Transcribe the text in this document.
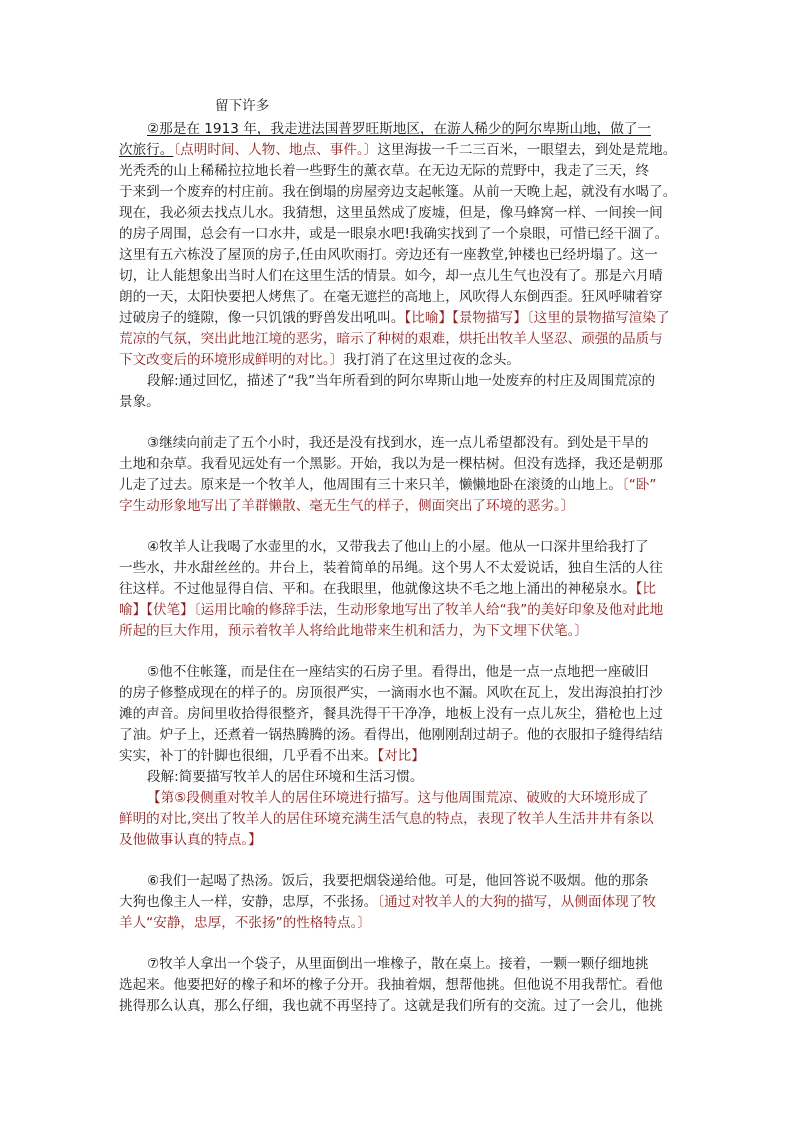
留下许多
②那是在 1913 年，我走进法国普罗旺斯地区，在游人稀少的阿尔卑斯山地，做了一
次旅行。〔点明时间、人物、地点、事件。〕这里海拔一千二三百米，一眼望去，到处是荒地。
光秃秃的山上稀稀拉拉地长着一些野生的薰衣草。在无边无际的荒野中，我走了三天，终
于来到一个废弃的村庄前。我在倒塌的房屋旁边支起帐篷。从前一天晚上起，就没有水喝了。
现在，我必须去找点儿水。我猜想，这里虽然成了废墟，但是，像马蜂窝一样、一间挨一间
的房子周围，总会有一口水井，或是一眼泉水吧!我确实找到了一个泉眼，可惜已经干涸了。
这里有五六栋没了屋顶的房子,任由风吹雨打。旁边还有一座教堂,钟楼也已经坍塌了。这一
切，让人能想象出当时人们在这里生活的情景。如今，却一点儿生气也没有了。那是六月晴
朗的一天，太阳快要把人烤焦了。在毫无遮拦的高地上，风吹得人东倒西歪。狂风呼啸着穿
过破房子的缝隙，像一只饥饿的野兽发出吼叫。【比喻】【景物描写】〔这里的景物描写渲染了
荒凉的气氛，突出此地江境的恶劣，暗示了种树的艰难，烘托出牧羊人坚忍、顽强的品质与
下文改变后的环境形成鲜明的对比。〕我打消了在这里过夜的念头。
段解:通过回忆，描述了“我”当年所看到的阿尔卑斯山地一处废弃的村庄及周围荒凉的
景象。
③继续向前走了五个小时，我还是没有找到水，连一点儿希望都没有。到处是干旱的
土地和杂草。我看见远处有一个黑影。开始，我以为是一棵枯树。但没有选择，我还是朝那
儿走了过去。原来是一个牧羊人，他周围有三十来只羊，懒懒地卧在滚烫的山地上。〔“卧”
字生动形象地写出了羊群懒散、毫无生气的样子，侧面突出了环境的恶劣。〕
④牧羊人让我喝了水壶里的水，又带我去了他山上的小屋。他从一口深井里给我打了
一些水，井水甜丝丝的。井台上，装着简单的吊绳。这个男人不太爱说话，独自生活的人往
往这样。不过他显得自信、平和。在我眼里，他就像这块不毛之地上涌出的神秘泉水。【比
喻】【伏笔】〔运用比喻的修辞手法，生动形象地写出了牧羊人给“我”的美好印象及他对此地
所起的巨大作用，预示着牧羊人将给此地带来生机和活力，为下文埋下伏笔。〕
⑤他不住帐篷，而是住在一座结实的石房子里。看得出，他是一点一点地把一座破旧
的房子修整成现在的样子的。房顶很严实，一滴雨水也不漏。风吹在瓦上，发出海浪拍打沙
滩的声音。房间里收拾得很整齐，餐具洗得干干净净，地板上没有一点儿灰尘，猎枪也上过
了油。炉子上，还煮着一锅热腾腾的汤。看得出，他刚刚刮过胡子。他的衣服扣子缝得结结
实实，补丁的针脚也很细，几乎看不出来。【对比】
段解:简要描写牧羊人的居住环境和生活习惯。
【第⑤段侧重对牧羊人的居住环境进行描写。这与他周围荒凉、破败的大环境形成了
鲜明的对比,突出了牧羊人的居住环境充满生活气息的特点，表现了牧羊人生活井井有条以
及他做事认真的特点。】
⑥我们一起喝了热汤。饭后，我要把烟袋递给他。可是，他回答说不吸烟。他的那条
大狗也像主人一样，安静，忠厚，不张扬。〔通过对牧羊人的大狗的描写，从侧面体现了牧
羊人“安静，忠厚，不张扬”的性格特点。〕
⑦牧羊人拿出一个袋子，从里面倒出一堆橡子，散在桌上。接着，一颗一颗仔细地挑
选起来。他要把好的橡子和坏的橡子分开。我抽着烟，想帮他挑。但他说不用我帮忙。看他
挑得那么认真，那么仔细，我也就不再坚持了。这就是我们所有的交流。过了一会儿，他挑
